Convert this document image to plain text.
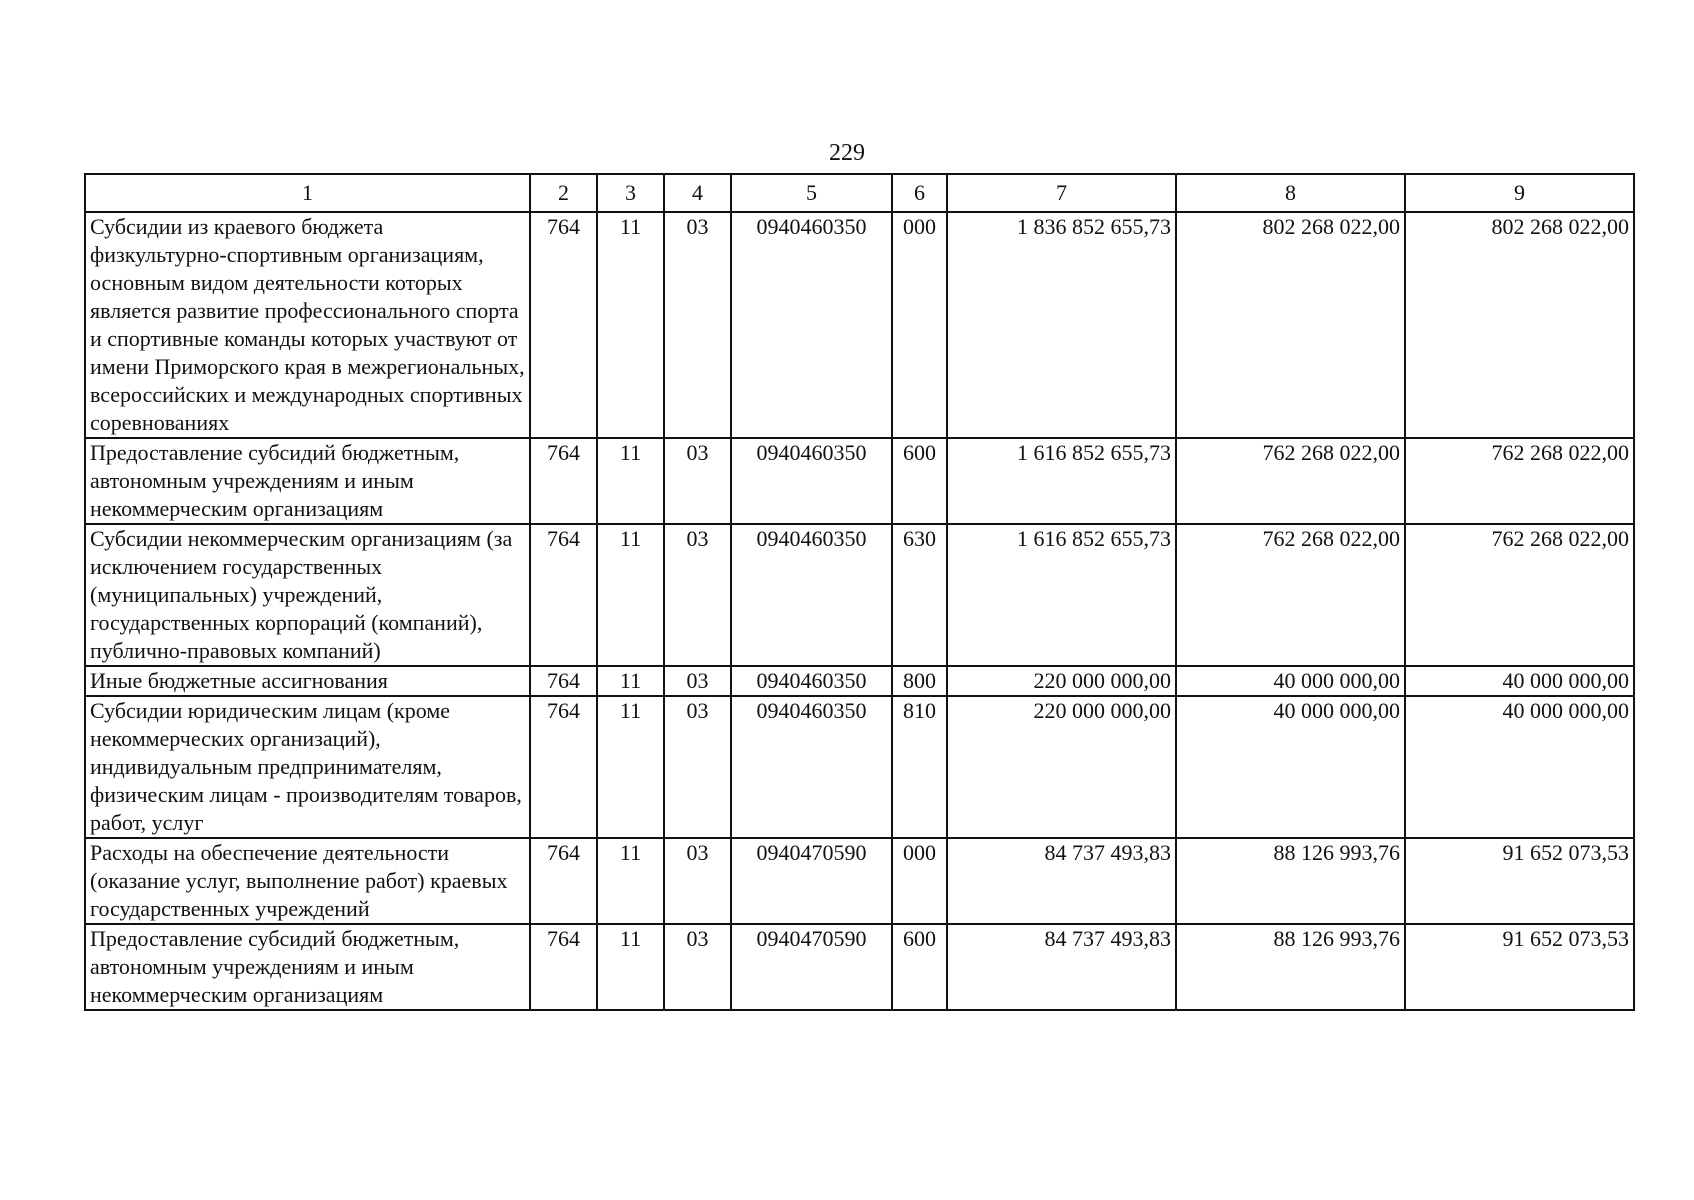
229
1	2	3	4	5	6	7	8	9
Субсидии из краевого бюджета физкультурно-спортивным организациям, основным видом деятельности которых является развитие профессионального спорта и спортивные команды которых участвуют от имени Приморского края в межрегиональных, всероссийских и международных спортивных соревнованиях	764	11	03	0940460350	000	1 836 852 655,73	802 268 022,00	802 268 022,00
Предоставление субсидий бюджетным, автономным учреждениям и иным некоммерческим организациям	764	11	03	0940460350	600	1 616 852 655,73	762 268 022,00	762 268 022,00
Субсидии некоммерческим организациям (за исключением государственных (муниципальных) учреждений, государственных корпораций (компаний), публично-правовых компаний)	764	11	03	0940460350	630	1 616 852 655,73	762 268 022,00	762 268 022,00
Иные бюджетные ассигнования	764	11	03	0940460350	800	220 000 000,00	40 000 000,00	40 000 000,00
Субсидии юридическим лицам (кроме некоммерческих организаций), индивидуальным предпринимателям, физическим лицам - производителям товаров, работ, услуг	764	11	03	0940460350	810	220 000 000,00	40 000 000,00	40 000 000,00
Расходы на обеспечение деятельности (оказание услуг, выполнение работ) краевых государственных учреждений	764	11	03	0940470590	000	84 737 493,83	88 126 993,76	91 652 073,53
Предоставление субсидий бюджетным, автономным учреждениям и иным некоммерческим организациям	764	11	03	0940470590	600	84 737 493,83	88 126 993,76	91 652 073,53
